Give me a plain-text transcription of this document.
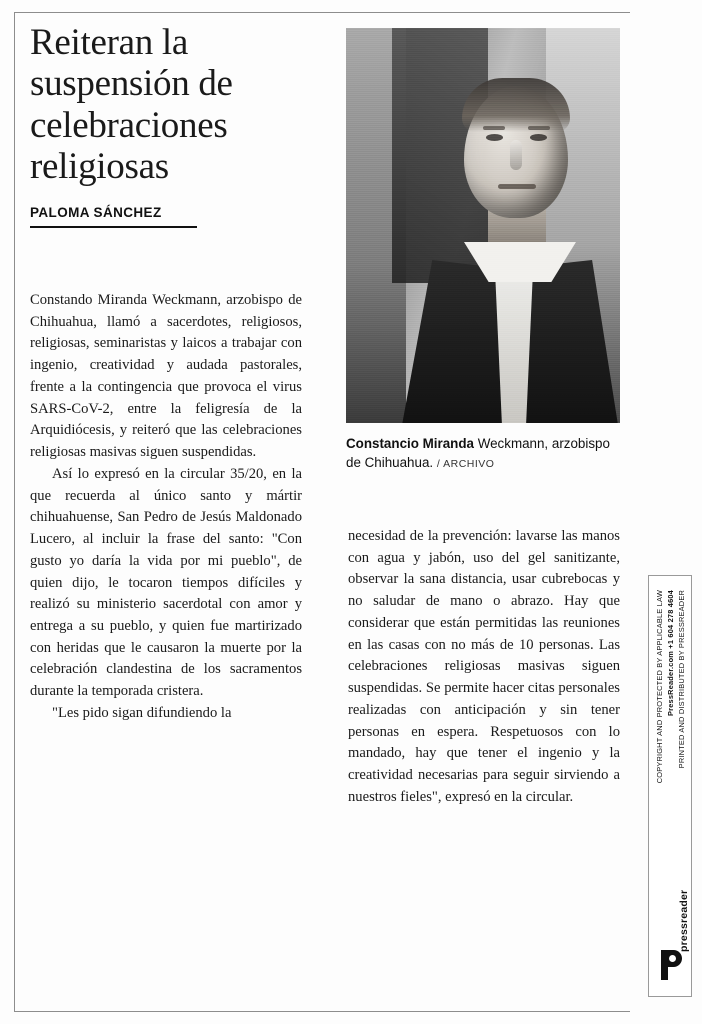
Reiteran la suspensión de celebraciones religiosas
PALOMA SÁNCHEZ
Constancio Miranda Weckmann, arzobispo de Chihuahua. / ARCHIVO

Constando Miranda Weckmann, arzobispo de Chihuahua, llamó a sacerdotes, religiosos, religiosas, seminaristas y laicos a trabajar con ingenio, creatividad y audada pastorales, frente a la contingencia que provoca el virus SARS-CoV-2, entre la feligresía de la Arquidiócesis, y reiteró que las celebraciones religiosas masivas siguen suspendidas.

Así lo expresó en la circular 35/20, en la que recuerda al único santo y mártir chihuahuense, San Pedro de Jesús Maldonado Lucero, al incluir la frase del santo: "Con gusto yo daría la vida por mi pueblo", de quien dijo, le tocaron tiempos difíciles y realizó su ministerio sacerdotal con amor y entrega a su pueblo, y quien fue martirizado con heridas que le causaron la muerte por la celebración clandestina de los sacramentos durante la temporada cristera.

"Les pido sigan difundiendo la

necesidad de la prevención: lavarse las manos con agua y jabón, uso del gel sanitizante, observar la sana distancia, usar cubrebocas y no saludar de mano o abrazo. Hay que considerar que están permitidas las reuniones en las casas con no más de 10 personas. Las celebraciones religiosas masivas siguen suspendidas. Se permite hacer citas personales realizadas con anticipación y sin tener personas en espera. Respetuosos con lo mandado, hay que tener el ingenio y la creatividad necesarias para seguir sirviendo a nuestros fieles", expresó en la circular.

COPYRIGHT AND PROTECTED BY APPLICABLE LAW PressReader.com +1 604 278 4604 PRINTED AND DISTRIBUTED BY PRESSREADER
pressreader
